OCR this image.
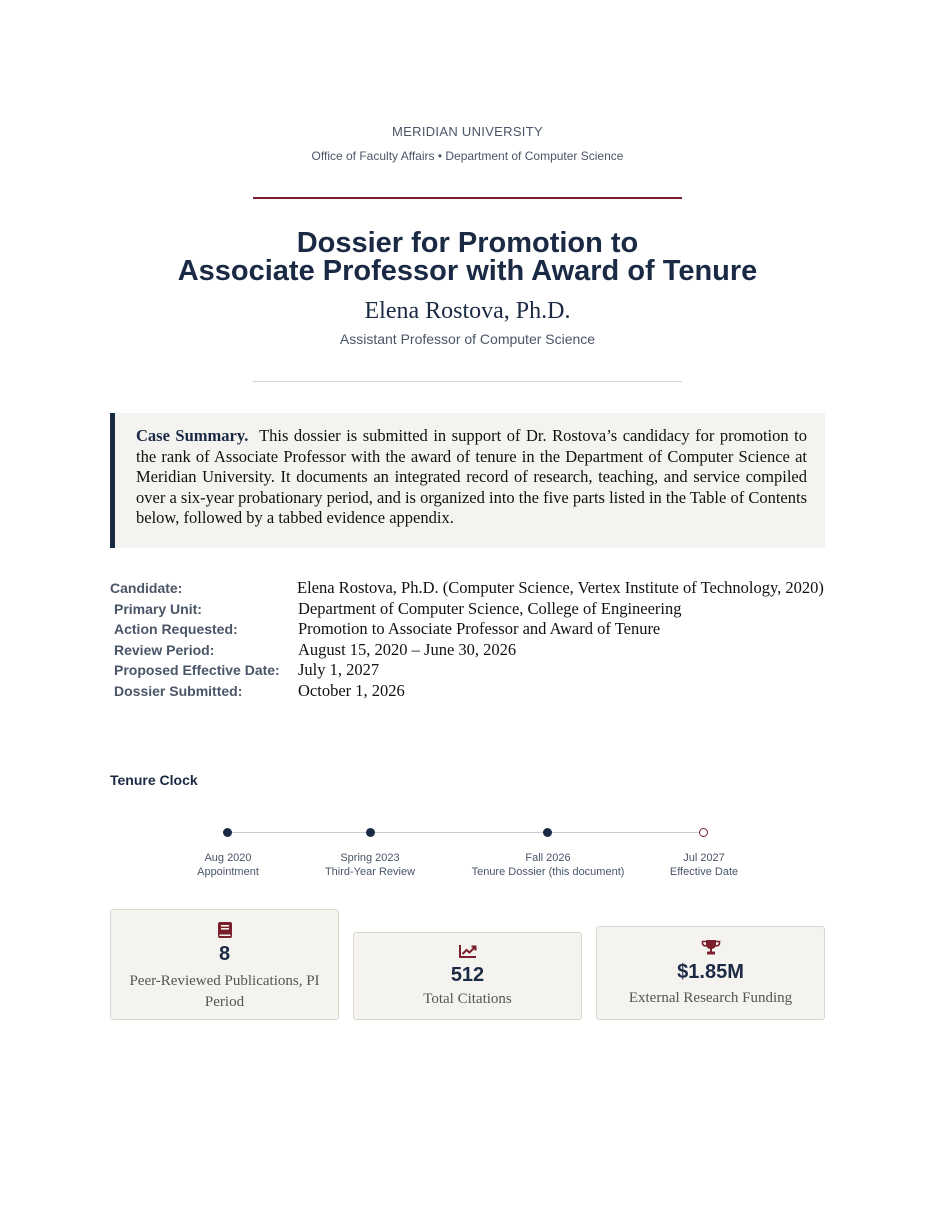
MERIDIAN UNIVERSITY
Office of Faculty Affairs • Department of Computer Science
Dossier for Promotion to
Associate Professor with Award of Tenure
Elena Rostova, Ph.D.
Assistant Professor of Computer Science

Case Summary. This dossier is submitted in support of Dr. Rostova’s candidacy for promotion to the rank of Associate Professor with the award of tenure in the Department of Computer Science at Meridian University. It documents an integrated record of research, teaching, and service compiled over a six-year probationary period, and is organized into the five parts listed in the Table of Contents below, followed by a tabbed evidence appendix.

Candidate:	Elena Rostova, Ph.D. (Computer Science, Vertex Institute of Technology, 2020)
Primary Unit:	Department of Computer Science, College of Engineering
Action Requested:	Promotion to Associate Professor and Award of Tenure
Review Period:	August 15, 2020 – June 30, 2026
Proposed Effective Date:	July 1, 2027
Dossier Submitted:	October 1, 2026
Tenure Clock
Aug 2020
Appointment
Spring 2023
Third-Year Review
Fall 2026
Tenure Dossier (this document)
Jul 2027
Effective Date
8
Peer-Reviewed Publications, PI Period
512
Total Citations
$1.85M
External Research Funding
